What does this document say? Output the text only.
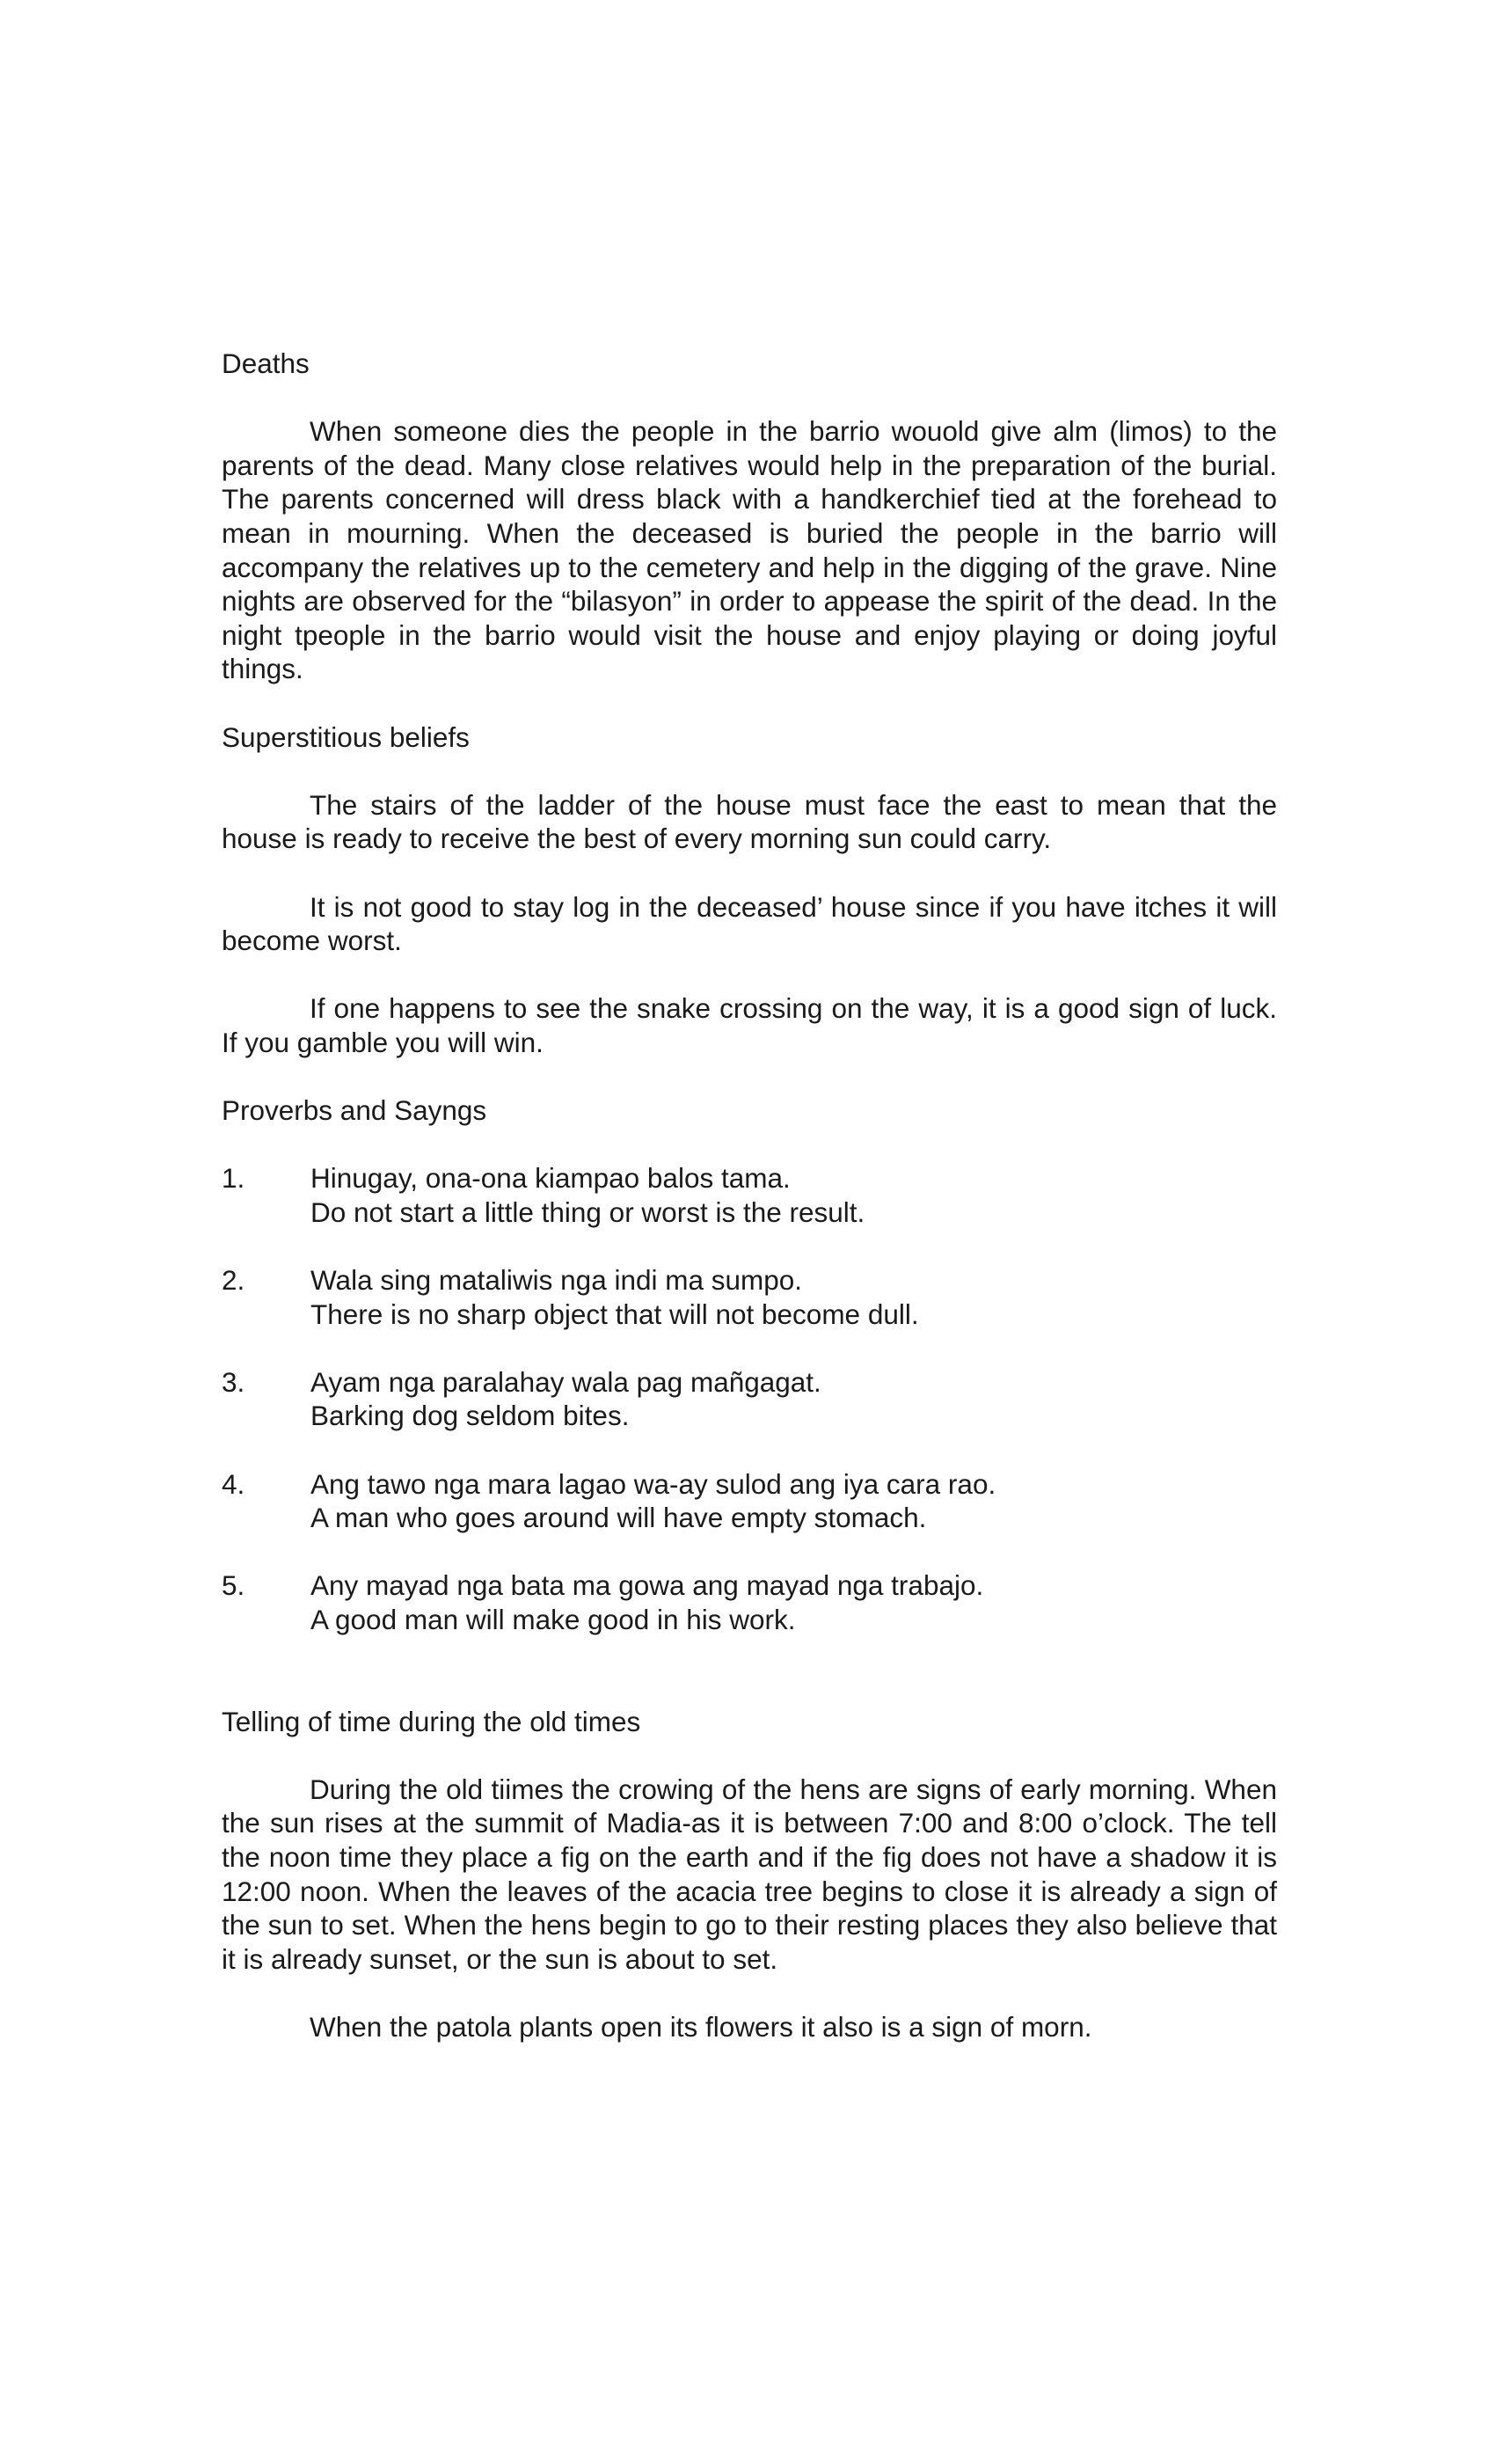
Deaths

When someone dies the people in the barrio wouold give alm (limos) to the parents of the dead. Many close relatives would help in the preparation of the burial. The parents concerned will dress black with a handkerchief tied at the forehead to mean in mourning. When the deceased is buried the people in the barrio will accompany the relatives up to the cemetery and help in the digging of the grave. Nine nights are observed for the “bilasyon” in order to appease the spirit of the dead. In the night tpeople in the barrio would visit the house and enjoy playing or doing joyful things.

Superstitious beliefs

The stairs of the ladder of the house must face the east to mean that the house is ready to receive the best of every morning sun could carry.

It is not good to stay log in the deceased’ house since if you have itches it will become worst.

If one happens to see the snake crossing on the way, it is a good sign of luck. If you gamble you will win.

Proverbs and Sayngs

1. Hinugay, ona-ona kiampao balos tama.
Do not start a little thing or worst is the result.
2. Wala sing mataliwis nga indi ma sumpo.
There is no sharp object that will not become dull.
3. Ayam nga paralahay wala pag mañgagat.
Barking dog seldom bites.
4. Ang tawo nga mara lagao wa-ay sulod ang iya cara rao.
A man who goes around will have empty stomach.
5. Any mayad nga bata ma gowa ang mayad nga trabajo.
A good man will make good in his work.

Telling of time during the old times

During the old tiimes the crowing of the hens are signs of early morning. When the sun rises at the summit of Madia-as it is between 7:00 and 8:00 o’clock. The tell the noon time they place a fig on the earth and if the fig does not have a shadow it is 12:00 noon. When the leaves of the acacia tree begins to close it is already a sign of the sun to set. When the hens begin to go to their resting places they also believe that it is already sunset, or the sun is about to set.

When the patola plants open its flowers it also is a sign of morn.
